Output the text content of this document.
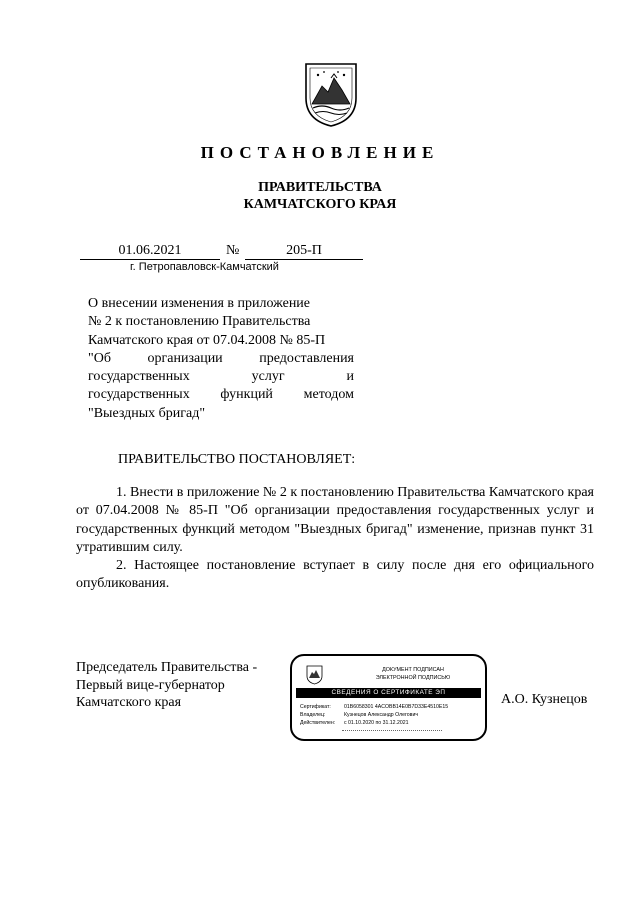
ПОСТАНОВЛЕНИЕ
ПРАВИТЕЛЬСТВА
КАМЧАТСКОГО КРАЯ
01.06.2021	№	205-П
г. Петропавловск-Камчатский

О внесении изменения в приложение

№ 2 к постановлению Правительства

Камчатского края от 07.04.2008 № 85-П

"Об организации предоставления

государственных услуг и

государственных функций методом

"Выездных бригад"

ПРАВИТЕЛЬСТВО ПОСТАНОВЛЯЕТ:

1. Внести в приложение № 2 к постановлению Правительства Камчатского края от 07.04.2008 № 85-П "Об организации предоставления государственных услуг и государственных функций методом "Выездных бригад" изменение, признав пункт 31 утратившим силу.

2. Настоящее постановление вступает в силу после дня его официального опубликования.

Председатель Правительства -
Первый вице-губернатор
Камчатского края
ДОКУМЕНТ ПОДПИСАН
ЭЛЕКТРОННОЙ ПОДПИСЬЮ
СВЕДЕНИЯ О СЕРТИФИКАТЕ ЭП
Сертификат:	01B6058301 4ACOBB14E0B7D33E4510E15
Владелец:	Кузнецов Александр Олегович
Действителен: с 01.10.2020 по 31.12.2021
А.О. Кузнецов
